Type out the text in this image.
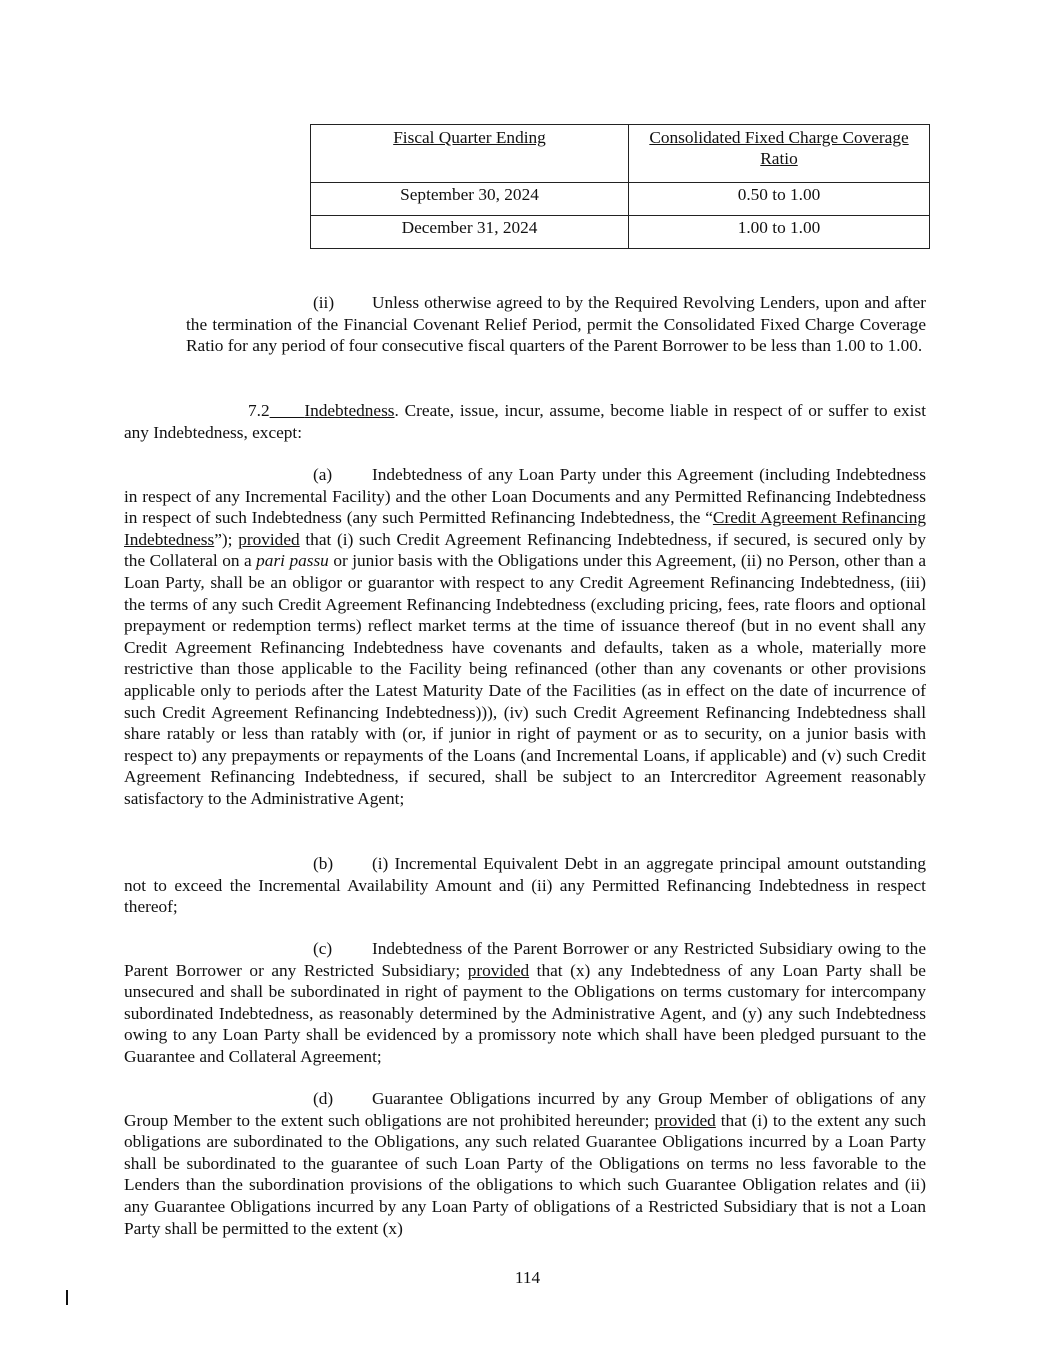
Fiscal Quarter Ending	Consolidated Fixed Charge Coverage Ratio
September 30, 2024	0.50 to 1.00
December 31, 2024	1.00 to 1.00

(ii) Unless otherwise agreed to by the Required Revolving Lenders, upon and after the termination of the Financial Covenant Relief Period, permit the Consolidated Fixed Charge Coverage Ratio for any period of four consecutive fiscal quarters of the Parent Borrower to be less than 1.00 to 1.00.

7.2 Indebtedness. Create, issue, incur, assume, become liable in respect of or suffer to exist any Indebtedness, except:

(a) Indebtedness of any Loan Party under this Agreement (including Indebtedness in respect of any Incremental Facility) and the other Loan Documents and any Permitted Refinancing Indebtedness in respect of such Indebtedness (any such Permitted Refinancing Indebtedness, the “Credit Agreement Refinancing Indebtedness”); provided that (i) such Credit Agreement Refinancing Indebtedness, if secured, is secured only by the Collateral on a pari passu or junior basis with the Obligations under this Agreement, (ii) no Person, other than a Loan Party, shall be an obligor or guarantor with respect to any Credit Agreement Refinancing Indebtedness, (iii) the terms of any such Credit Agreement Refinancing Indebtedness (excluding pricing, fees, rate floors and optional prepayment or redemption terms) reflect market terms at the time of issuance thereof (but in no event shall any Credit Agreement Refinancing Indebtedness have covenants and defaults, taken as a whole, materially more restrictive than those applicable to the Facility being refinanced (other than any covenants or other provisions applicable only to periods after the Latest Maturity Date of the Facilities (as in effect on the date of incurrence of such Credit Agreement Refinancing Indebtedness))), (iv) such Credit Agreement Refinancing Indebtedness shall share ratably or less than ratably with (or, if junior in right of payment or as to security, on a junior basis with respect to) any prepayments or repayments of the Loans (and Incremental Loans, if applicable) and (v) such Credit Agreement Refinancing Indebtedness, if secured, shall be subject to an Intercreditor Agreement reasonably satisfactory to the Administrative Agent;

(b) (i) Incremental Equivalent Debt in an aggregate principal amount outstanding not to exceed the Incremental Availability Amount and (ii) any Permitted Refinancing Indebtedness in respect thereof;

(c) Indebtedness of the Parent Borrower or any Restricted Subsidiary owing to the Parent Borrower or any Restricted Subsidiary; provided that (x) any Indebtedness of any Loan Party shall be unsecured and shall be subordinated in right of payment to the Obligations on terms customary for intercompany subordinated Indebtedness, as reasonably determined by the Administrative Agent, and (y) any such Indebtedness owing to any Loan Party shall be evidenced by a promissory note which shall have been pledged pursuant to the Guarantee and Collateral Agreement;

(d) Guarantee Obligations incurred by any Group Member of obligations of any Group Member to the extent such obligations are not prohibited hereunder; provided that (i) to the extent any such obligations are subordinated to the Obligations, any such related Guarantee Obligations incurred by a Loan Party shall be subordinated to the guarantee of such Loan Party of the Obligations on terms no less favorable to the Lenders than the subordination provisions of the obligations to which such Guarantee Obligation relates and (ii) any Guarantee Obligations incurred by any Loan Party of obligations of a Restricted Subsidiary that is not a Loan Party shall be permitted to the extent (x)

114
